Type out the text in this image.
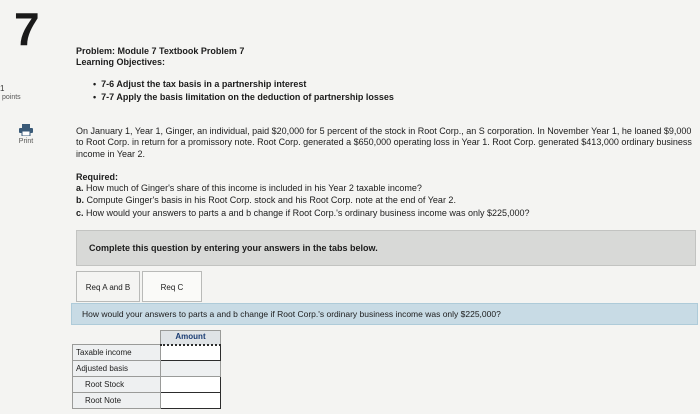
7
1
points
Print
Problem: Module 7 Textbook Problem 7
Learning Objectives:
• 7-6 Adjust the tax basis in a partnership interest
• 7-7 Apply the basis limitation on the deduction of partnership losses
On January 1, Year 1, Ginger, an individual, paid $20,000 for 5 percent of the stock in Root Corp., an S corporation. In November Year 1, he loaned $9,000 to Root Corp. in return for a promissory note. Root Corp. generated a $650,000 operating loss in Year 1. Root Corp. generated $413,000 ordinary business income in Year 2.
Required:
a. How much of Ginger's share of this income is included in his Year 2 taxable income?
b. Compute Ginger's basis in his Root Corp. stock and his Root Corp. note at the end of Year 2.
c. How would your answers to parts a and b change if Root Corp.'s ordinary business income was only $225,000?
Complete this question by entering your answers in the tabs below.
Req A and B	Req C
How would your answers to parts a and b change if Root Corp.'s ordinary business income was only $225,000?
	Amount
Taxable income	
Adjusted basis	
Root Stock	
Root Note	
